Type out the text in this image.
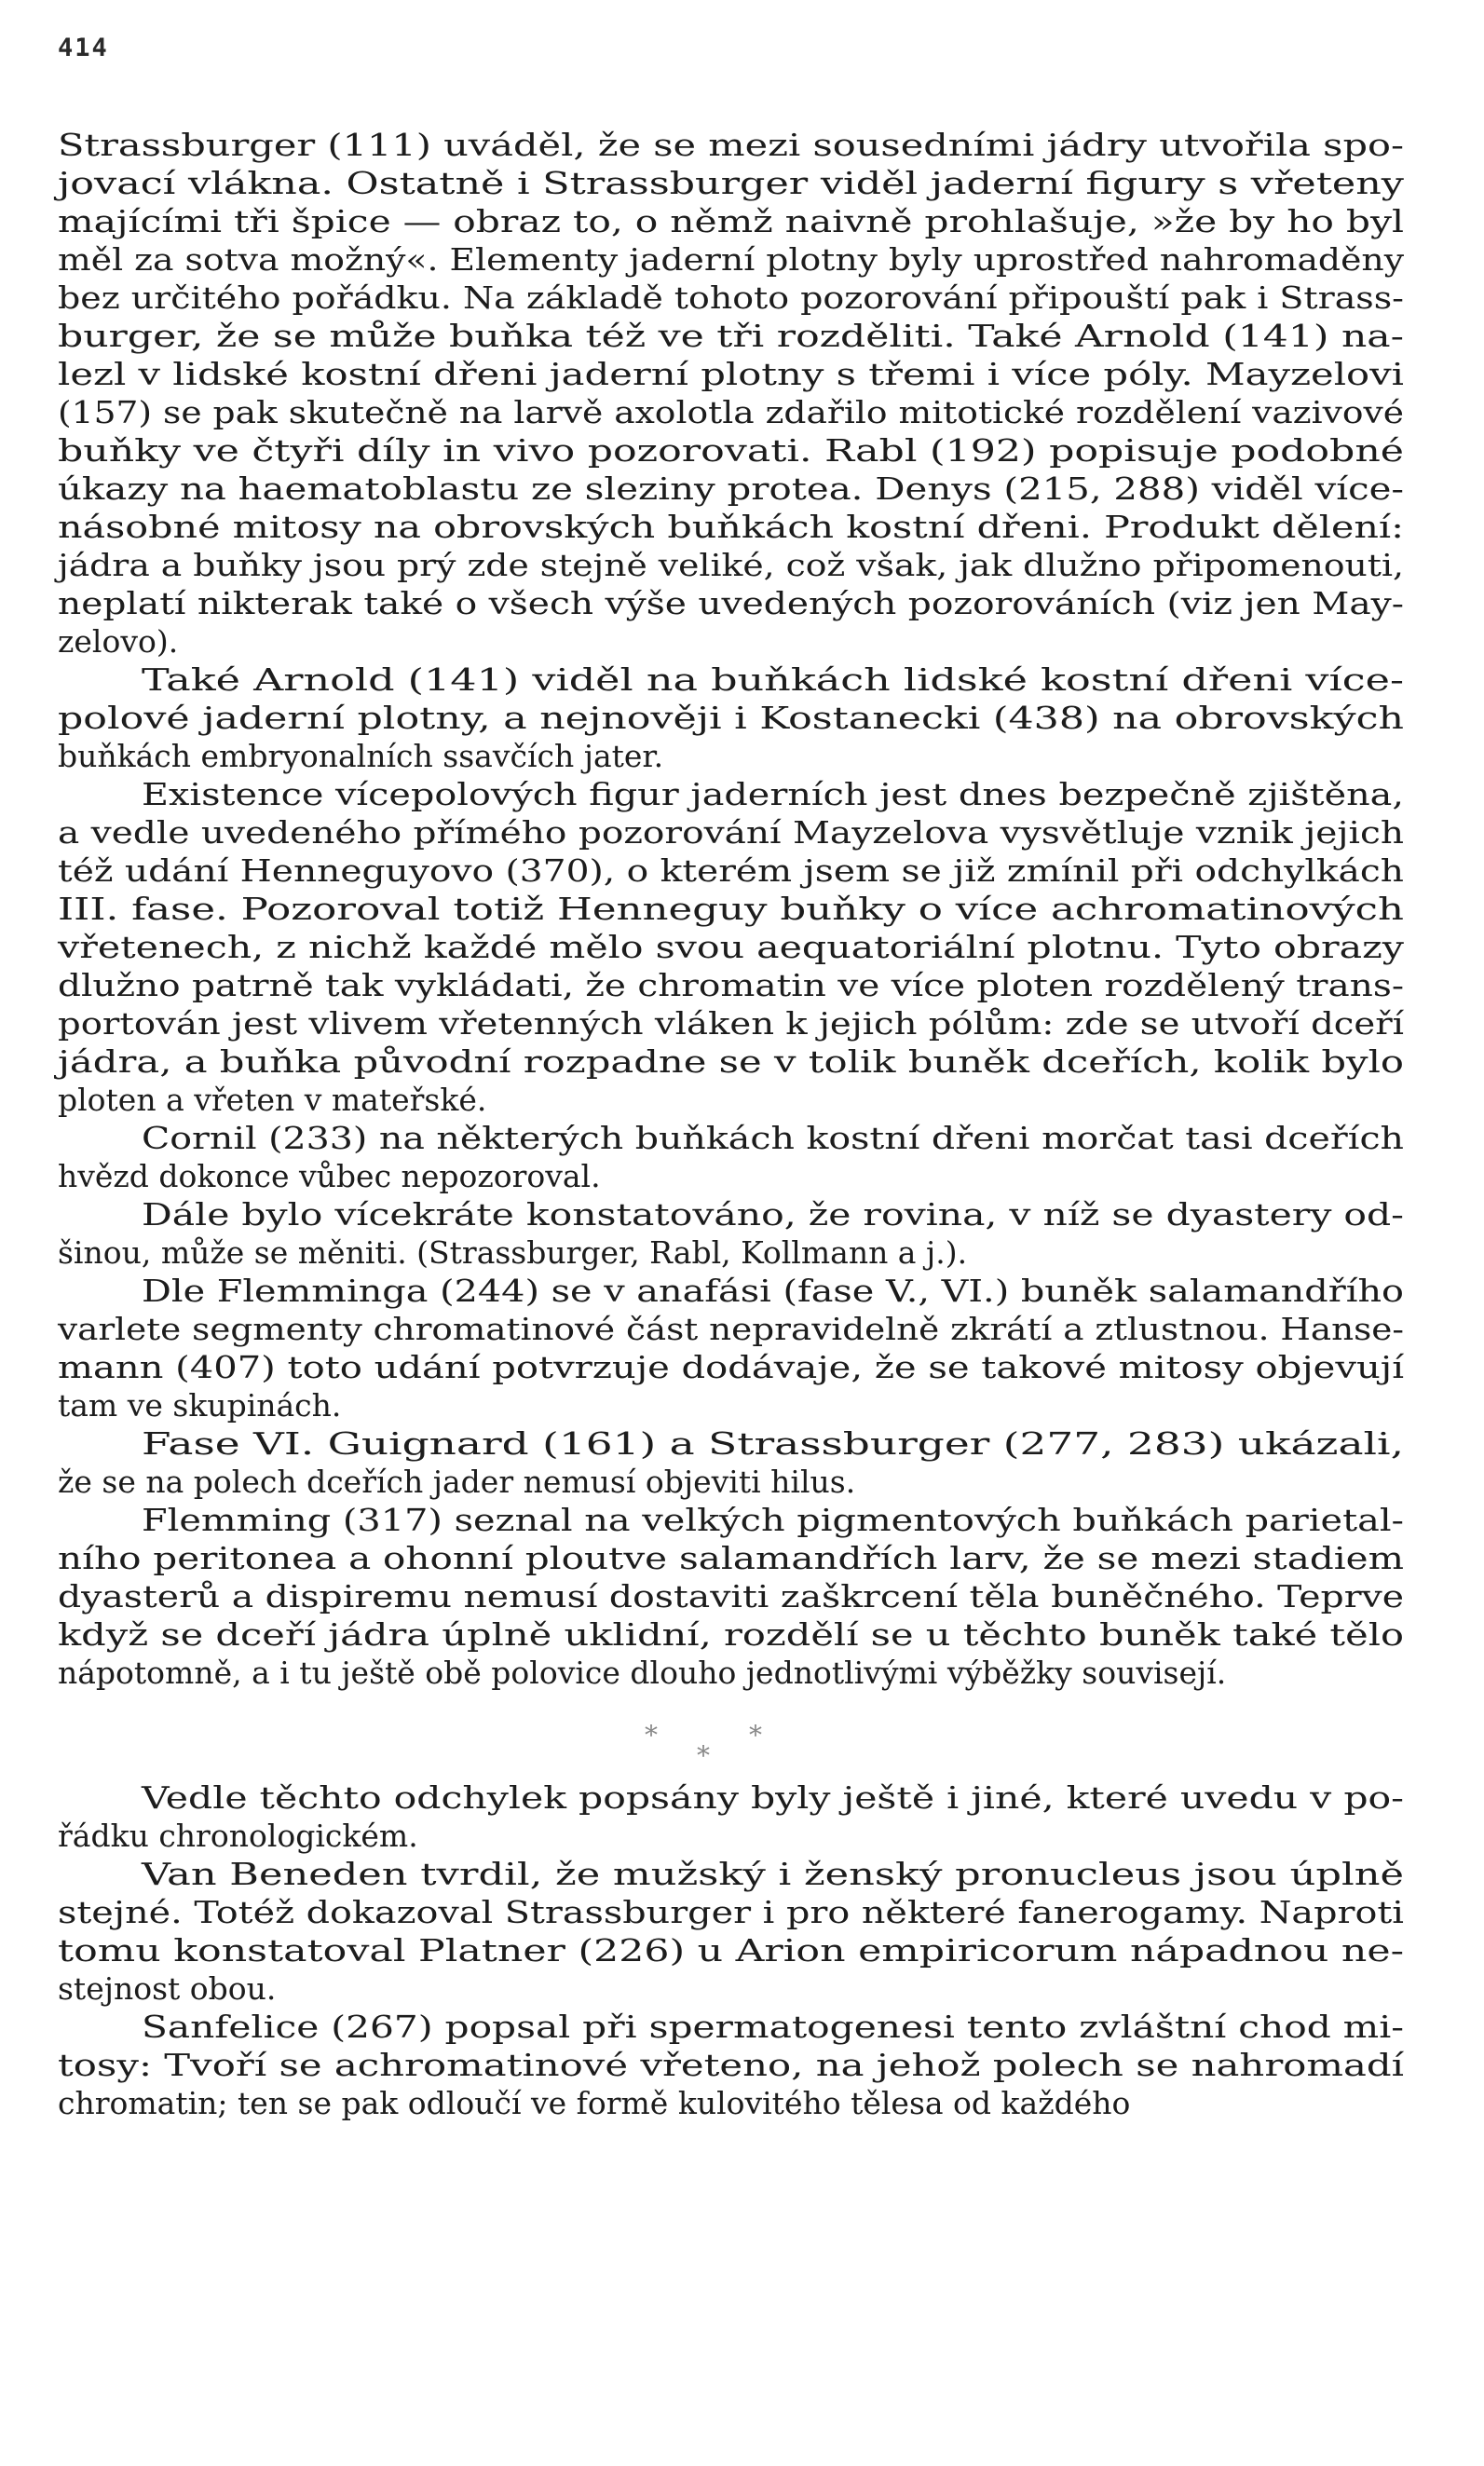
414
Strassburger (111) uváděl, že se mezi sousedními jádry utvořila spo-
jovací vlákna. Ostatně i Strassburger viděl jaderní figury s vřeteny
majícími tři špice — obraz to, o němž naivně prohlašuje, »že by ho byl
měl za sotva možný«. Elementy jaderní plotny byly uprostřed nahromaděny
bez určitého pořádku. Na základě tohoto pozorování připouští pak i Strass-
burger, že se může buňka též ve tři rozděliti. Také Arnold (141) na-
lezl v lidské kostní dřeni jaderní plotny s třemi i více póly. Mayzelovi
(157) se pak skutečně na larvě axolotla zdařilo mitotické rozdělení vazivové
buňky ve čtyři díly in vivo pozorovati. Rabl (192) popisuje podobné
úkazy na haematoblastu ze sleziny protea. Denys (215, 288) viděl více-
násobné mitosy na obrovských buňkách kostní dřeni. Produkt dělení:
jádra a buňky jsou prý zde stejně veliké, což však, jak dlužno připomenouti,
neplatí nikterak také o všech výše uvedených pozorováních (viz jen May-
zelovo).
Také Arnold (141) viděl na buňkách lidské kostní dřeni více-
polové jaderní plotny, a nejnověji i Kostanecki (438) na obrovských
buňkách embryonalních ssavčích jater.
Existence vícepolových figur jaderních jest dnes bezpečně zjištěna,
a vedle uvedeného přímého pozorování Mayzelova vysvětluje vznik jejich
též udání Henneguyovo (370), o kterém jsem se již zmínil při odchylkách
III. fase. Pozoroval totiž Henneguy buňky o více achromatinových
vřetenech, z nichž každé mělo svou aequatoriální plotnu. Tyto obrazy
dlužno patrně tak vykládati, že chromatin ve více ploten rozdělený trans-
portován jest vlivem vřetenných vláken k jejich pólům: zde se utvoří dceří
jádra, a buňka původní rozpadne se v tolik buněk dceřích, kolik bylo
ploten a vřeten v mateřské.
Cornil (233) na některých buňkách kostní dřeni morčat tasi dceřích
hvězd dokonce vůbec nepozoroval.
Dále bylo vícekráte konstatováno, že rovina, v níž se dyastery od-
šinou, může se měniti. (Strassburger, Rabl, Kollmann a j.).
Dle Flemminga (244) se v anafási (fase V., VI.) buněk salamandřího
varlete segmenty chromatinové část nepravidelně zkrátí a ztlustnou. Hanse-
mann (407) toto udání potvrzuje dodávaje, že se takové mitosy objevují
tam ve skupinách.
Fase VI. Guignard (161) a Strassburger (277, 283) ukázali,
že se na polech dceřích jader nemusí objeviti hilus.
Flemming (317) seznal na velkých pigmentových buňkách parietal-
ního peritonea a ohonní ploutve salamandřích larv, že se mezi stadiem
dyasterů a dispiremu nemusí dostaviti zaškrcení těla buněčného. Teprve
když se dceří jádra úplně uklidní, rozdělí se u těchto buněk také tělo
nápotomně, a i tu ještě obě polovice dlouho jednotlivými výběžky souvisejí.
*	*
*
Vedle těchto odchylek popsány byly ještě i jiné, které uvedu v po-
řádku chronologickém.
Van Beneden tvrdil, že mužský i ženský pronucleus jsou úplně
stejné. Totéž dokazoval Strassburger i pro některé fanerogamy. Naproti
tomu konstatoval Platner (226) u Arion empiricorum nápadnou ne-
stejnost obou.
Sanfelice (267) popsal při spermatogenesi tento zvláštní chod mi-
tosy: Tvoří se achromatinové vřeteno, na jehož polech se nahromadí
chromatin; ten se pak odloučí ve formě kulovitého tělesa od každého
